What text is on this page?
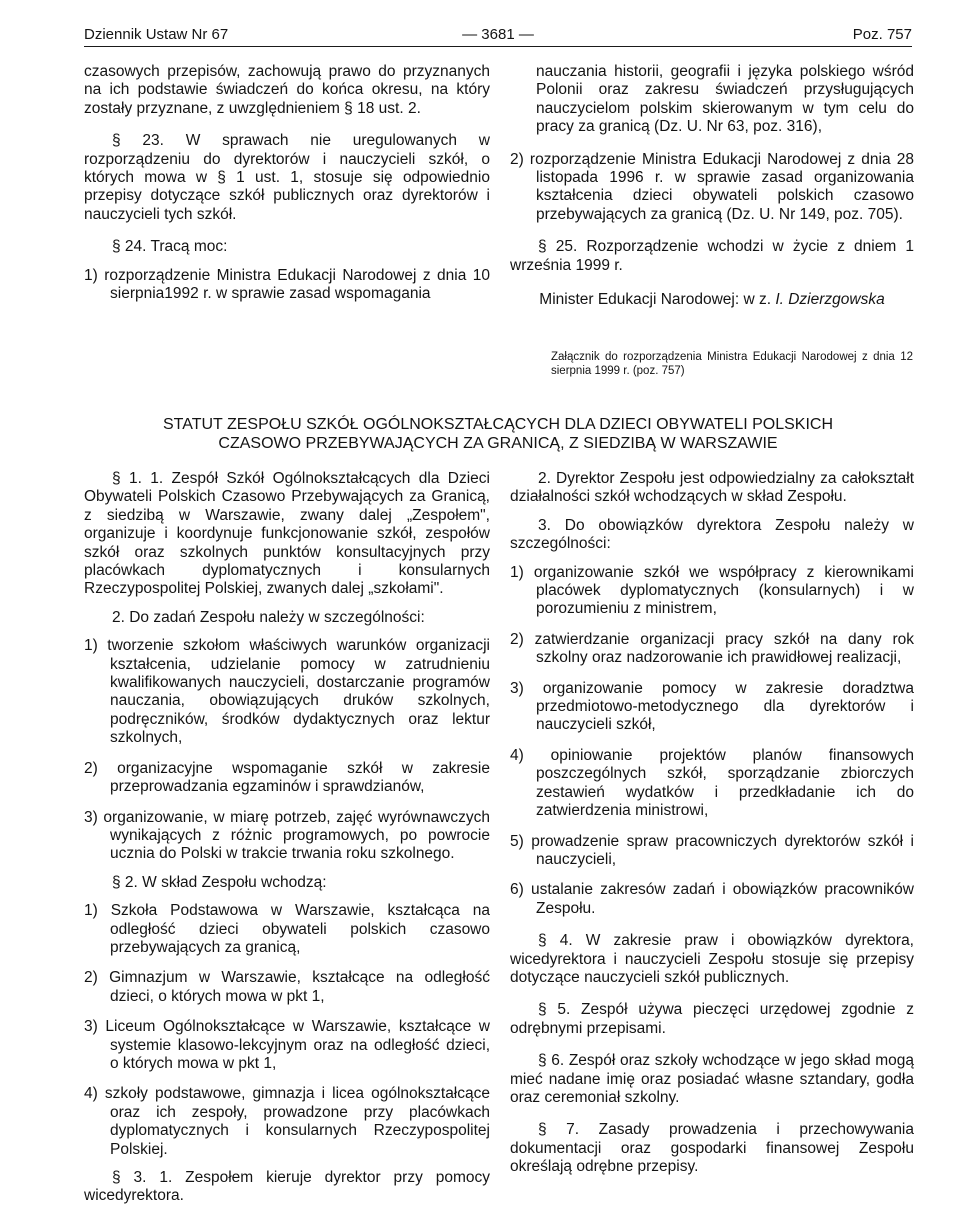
Dziennik Ustaw Nr 67	— 3681 —	Poz. 757

czasowych przepisów, zachowują prawo do przyznanych na ich podstawie świadczeń do końca okresu, na który zostały przyznane, z uwzględnieniem § 18 ust. 2.

§ 23. W sprawach nie uregulowanych w rozporządzeniu do dyrektorów i nauczycieli szkół, o których mowa w § 1 ust. 1, stosuje się odpowiednio przepisy dotyczące szkół publicznych oraz dyrektorów i nauczycieli tych szkół.

§ 24. Tracą moc:

1) rozporządzenie Ministra Edukacji Narodowej z dnia 10 sierpnia1992 r. w sprawie zasad wspomagania

nauczania historii, geografii i języka polskiego wśród Polonii oraz zakresu świadczeń przysługujących nauczycielom polskim skierowanym w tym celu do pracy za granicą (Dz. U. Nr 63, poz. 316),

2) rozporządzenie Ministra Edukacji Narodowej z dnia 28 listopada 1996 r. w sprawie zasad organizowania kształcenia dzieci obywateli polskich czasowo przebywających za granicą (Dz. U. Nr 149, poz. 705).

§ 25. Rozporządzenie wchodzi w życie z dniem 1 września 1999 r.

Minister Edukacji Narodowej: w z. I. Dzierzgowska

Załącznik do rozporządzenia Ministra Edukacji Narodowej z dnia 12 sierpnia 1999 r. (poz. 757)
STATUT ZESPOŁU SZKÓŁ OGÓLNOKSZTAŁCĄCYCH DLA DZIECI OBYWATELI POLSKICH
CZASOWO PRZEBYWAJĄCYCH ZA GRANICĄ, Z SIEDZIBĄ W WARSZAWIE

§ 1. 1. Zespół Szkół Ogólnokształcących dla Dzieci Obywateli Polskich Czasowo Przebywających za Granicą, z siedzibą w Warszawie, zwany dalej „Zespołem", organizuje i koordynuje funkcjonowanie szkół, zespołów szkół oraz szkolnych punktów konsultacyjnych przy placówkach dyplomatycznych i konsularnych Rzeczypospolitej Polskiej, zwanych dalej „szkołami".

2. Do zadań Zespołu należy w szczególności:

1) tworzenie szkołom właściwych warunków organizacji kształcenia, udzielanie pomocy w zatrudnieniu kwalifikowanych nauczycieli, dostarczanie programów nauczania, obowiązujących druków szkolnych, podręczników, środków dydaktycznych oraz lektur szkolnych,

2) organizacyjne wspomaganie szkół w zakresie przeprowadzania egzaminów i sprawdzianów,

3) organizowanie, w miarę potrzeb, zajęć wyrównawczych wynikających z różnic programowych, po powrocie ucznia do Polski w trakcie trwania roku szkolnego.

§ 2. W skład Zespołu wchodzą:

1) Szkoła Podstawowa w Warszawie, kształcąca na odległość dzieci obywateli polskich czasowo przebywających za granicą,

2) Gimnazjum w Warszawie, kształcące na odległość dzieci, o których mowa w pkt 1,

3) Liceum Ogólnokształcące w Warszawie, kształcące w systemie klasowo-lekcyjnym oraz na odległość dzieci, o których mowa w pkt 1,

4) szkoły podstawowe, gimnazja i licea ogólnokształcące oraz ich zespoły, prowadzone przy placówkach dyplomatycznych i konsularnych Rzeczypospolitej Polskiej.

§ 3. 1. Zespołem kieruje dyrektor przy pomocy wicedyrektora.

2. Dyrektor Zespołu jest odpowiedzialny za całokształt działalności szkół wchodzących w skład Zespołu.

3. Do obowiązków dyrektora Zespołu należy w szczególności:

1) organizowanie szkół we współpracy z kierownikami placówek dyplomatycznych (konsularnych) i w porozumieniu z ministrem,

2) zatwierdzanie organizacji pracy szkół na dany rok szkolny oraz nadzorowanie ich prawidłowej realizacji,

3) organizowanie pomocy w zakresie doradztwa przedmiotowo-metodycznego dla dyrektorów i nauczycieli szkół,

4) opiniowanie projektów planów finansowych poszczególnych szkół, sporządzanie zbiorczych zestawień wydatków i przedkładanie ich do zatwierdzenia ministrowi,

5) prowadzenie spraw pracowniczych dyrektorów szkół i nauczycieli,

6) ustalanie zakresów zadań i obowiązków pracowników Zespołu.

§ 4. W zakresie praw i obowiązków dyrektora, wicedyrektora i nauczycieli Zespołu stosuje się przepisy dotyczące nauczycieli szkół publicznych.

§ 5. Zespół używa pieczęci urzędowej zgodnie z odrębnymi przepisami.

§ 6. Zespół oraz szkoły wchodzące w jego skład mogą mieć nadane imię oraz posiadać własne sztandary, godła oraz ceremoniał szkolny.

§ 7. Zasady prowadzenia i przechowywania dokumentacji oraz gospodarki finansowej Zespołu określają odrębne przepisy.
